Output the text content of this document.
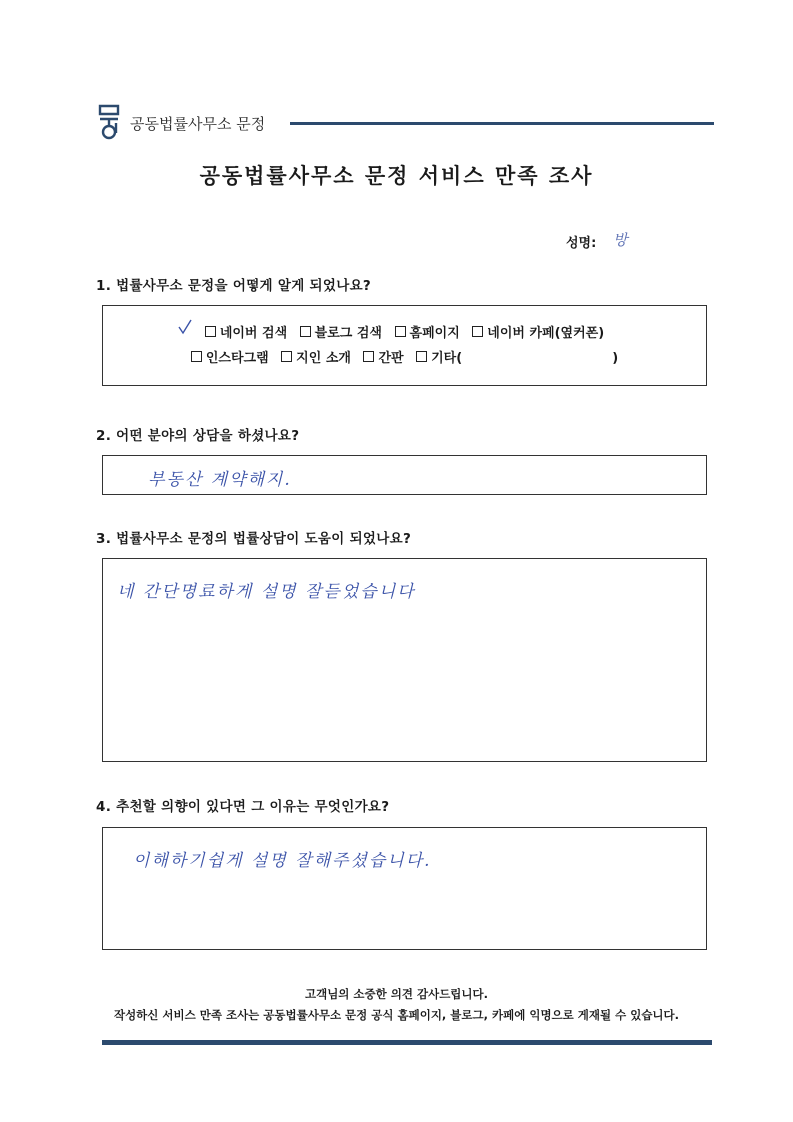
공동법률사무소 문정
공동법률사무소 문정 서비스 만족 조사
성명: 방
1. 법률사무소 문정을 어떻게 알게 되었나요?
네이버 검색 블로그 검색 홈페이지 네이버 카페(옆커폰)
인스타그램 지인 소개 간판 기타(	)
2. 어떤 분야의 상담을 하셨나요?
부동산 계약해지.
3. 법률사무소 문정의 법률상담이 도움이 되었나요?
네 간단명료하게 설명 잘듣었습니다
4. 추천할 의향이 있다면 그 이유는 무엇인가요?
이해하기쉽게 설명 잘해주셨습니다.
고객님의 소중한 의견 감사드립니다.
작성하신 서비스 만족 조사는 공동법률사무소 문정 공식 홈페이지, 블로그, 카페에 익명으로 게재될 수 있습니다.
